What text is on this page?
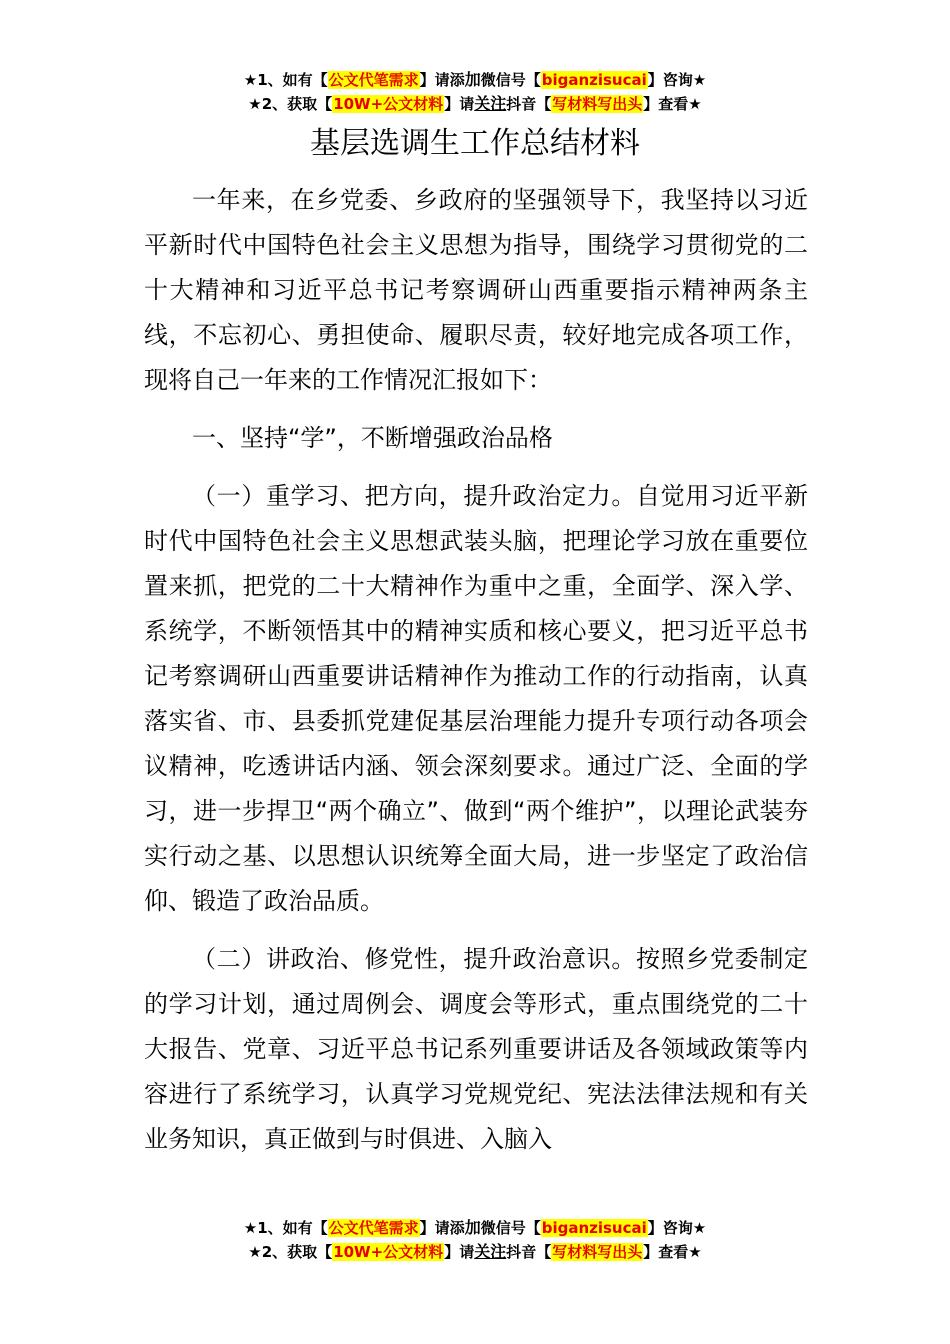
★1、如有【公文代笔需求】请添加微信号【biganzisucai】咨询★
★2、获取【10W+公文材料】请关注抖音【写材料写出头】查看★
基层选调生工作总结材料

一年来，在乡党委、乡政府的坚强领导下，我坚持以习近平新时代中国特色社会主义思想为指导，围绕学习贯彻党的二十大精神和习近平总书记考察调研山西重要指示精神两条主线，不忘初心、勇担使命、履职尽责，较好地完成各项工作，现将自己一年来的工作情况汇报如下：

一、坚持“学”，不断增强政治品格

（一）重学习、把方向，提升政治定力。自觉用习近平新时代中国特色社会主义思想武装头脑，把理论学习放在重要位置来抓，把党的二十大精神作为重中之重，全面学、深入学、系统学，不断领悟其中的精神实质和核心要义，把习近平总书记考察调研山西重要讲话精神作为推动工作的行动指南，认真落实省、市、县委抓党建促基层治理能力提升专项行动各项会议精神，吃透讲话内涵、领会深刻要求。通过广泛、全面的学习，进一步捍卫“两个确立”、做到“两个维护”，以理论武装夯实行动之基、以思想认识统筹全面大局，进一步坚定了政治信仰、锻造了政治品质。

（二）讲政治、修党性，提升政治意识。按照乡党委制定的学习计划，通过周例会、调度会等形式，重点围绕党的二十大报告、党章、习近平总书记系列重要讲话及各领域政策等内容进行了系统学习，认真学习党规党纪、宪法法律法规和有关业务知识，真正做到与时俱进、入脑入

★1、如有【公文代笔需求】请添加微信号【biganzisucai】咨询★
★2、获取【10W+公文材料】请关注抖音【写材料写出头】查看★
